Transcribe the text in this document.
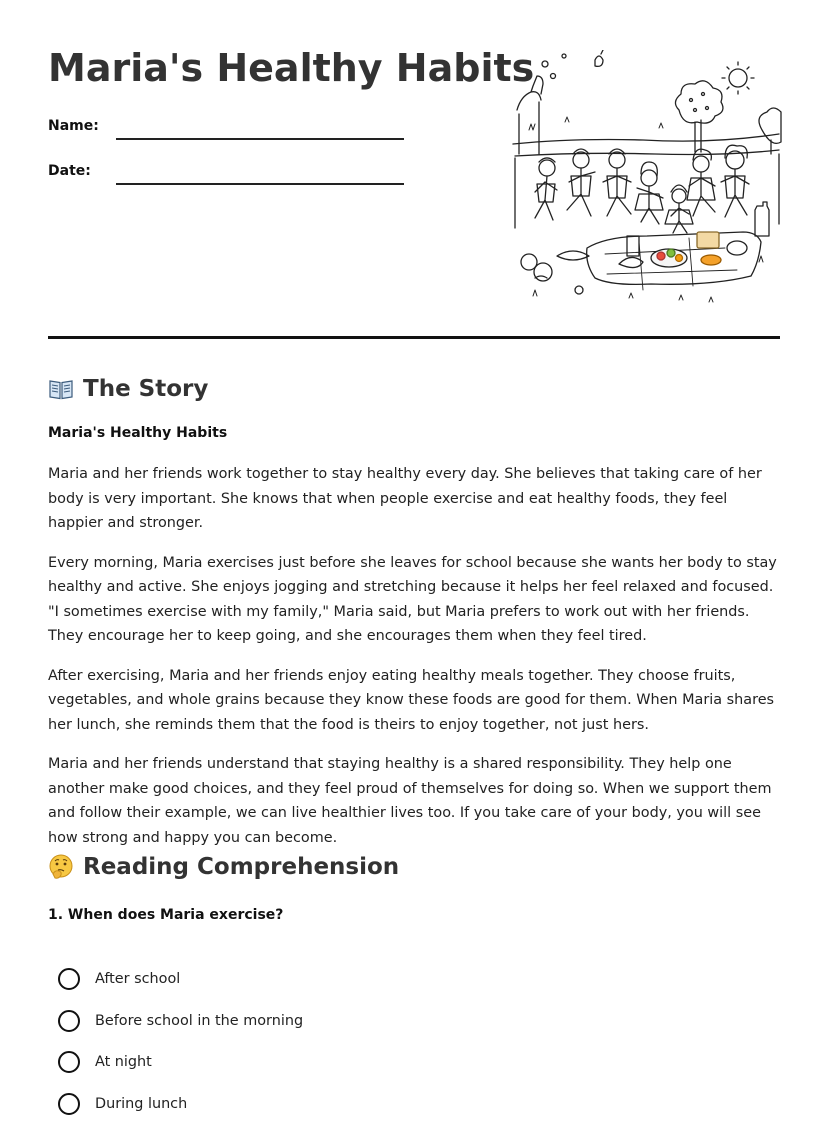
Maria's Healthy Habits
Name:
Date:
The Story

Maria's Healthy Habits

Maria and her friends work together to stay healthy every day. She believes that taking care of her body is very important. She knows that when people exercise and eat healthy foods, they feel happier and stronger.

Every morning, Maria exercises just before she leaves for school because she wants her body to stay healthy and active. She enjoys jogging and stretching because it helps her feel relaxed and focused. "I sometimes exercise with my family," Maria said, but Maria prefers to work out with her friends. They encourage her to keep going, and she encourages them when they feel tired.

After exercising, Maria and her friends enjoy eating healthy meals together. They choose fruits, vegetables, and whole grains because they know these foods are good for them. When Maria shares her lunch, she reminds them that the food is theirs to enjoy together, not just hers.

Maria and her friends understand that staying healthy is a shared responsibility. They help one another make good choices, and they feel proud of themselves for doing so. When we support them and follow their example, we can live healthier lives too. If you take care of your body, you will see how strong and happy you can become.

Reading Comprehension

1. When does Maria exercise?

After school
Before school in the morning
At night
During lunch
